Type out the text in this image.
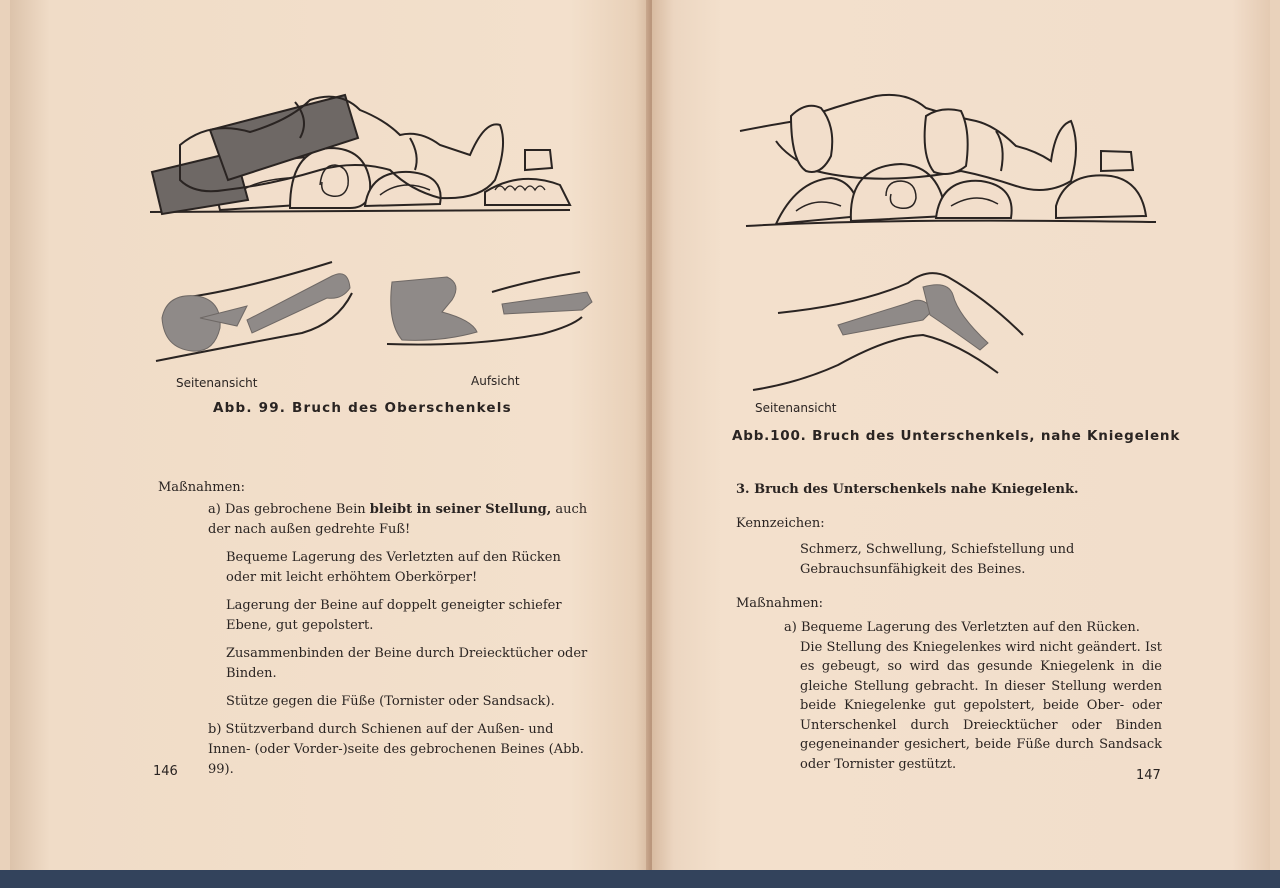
Seitenansicht	Aufsicht
Abb. 99. Bruch des Oberschenkels
Maßnahmen:
a) Das gebrochene Bein bleibt in seiner Stellung, auch der nach außen gedrehte Fuß!
Bequeme Lagerung des Verletzten auf den Rücken oder mit leicht erhöhtem Oberkörper!
Lagerung der Beine auf doppelt geneigter schiefer Ebene, gut gepolstert.
Zusammenbinden der Beine durch Dreiecktücher oder Binden.
Stütze gegen die Füße (Tornister oder Sandsack).
b) Stützverband durch Schienen auf der Außen- und Innen- (oder Vorder-)seite des gebrochenen Beines (Abb. 99).
146
Seitenansicht
Abb.100. Bruch des Unterschenkels, nahe Kniegelenk
3. Bruch des Unterschenkels nahe Kniegelenk.
Kennzeichen:
Schmerz, Schwellung, Schiefstellung und Gebrauchsunfähigkeit des Beines.
Maßnahmen:
a) Bequeme Lagerung des Verletzten auf den Rücken.
Die Stellung des Kniegelenkes wird nicht geändert. Ist es gebeugt, so wird das gesunde Kniegelenk in die gleiche Stellung gebracht. In dieser Stellung werden beide Kniegelenke gut gepolstert, beide Ober- oder Unterschenkel durch Dreiecktücher oder Binden gegeneinander gesichert, beide Füße durch Sandsack oder Tornister gestützt.
147
